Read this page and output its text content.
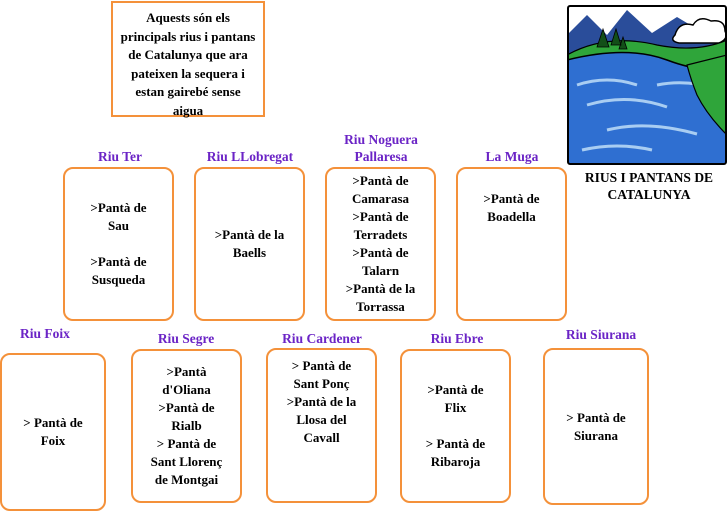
Aquests són els
principals rius i pantans
de Catalunya que ara
pateixen la sequera i
estan gairebé sense
aigua
RIUS I PANTANS DE
CATALUNYA
Riu Ter	Riu LLobregat
Riu Noguera
Pallaresa	La Muga
>Pantà de
Sau
>Pantà de
Susqueda
>Pantà de la
Baells
>Pantà de
Camarasa
>Pantà de
Terradets
>Pantà de
Talarn
>Pantà de la
Torrassa
>Pantà de
Boadella
Riu Foix	Riu Segre	Riu Cardener	Riu Ebre	Riu Siurana
> Pantà de
Foix
>Pantà
d'Oliana
>Pantà de
Rialb
> Pantà de
Sant Llorenç
de Montgai
> Pantà de
Sant Ponç
>Pantà de la
Llosa del
Cavall
>Pantà de
Flix
> Pantà de
Ribaroja
> Pantà de
Siurana
